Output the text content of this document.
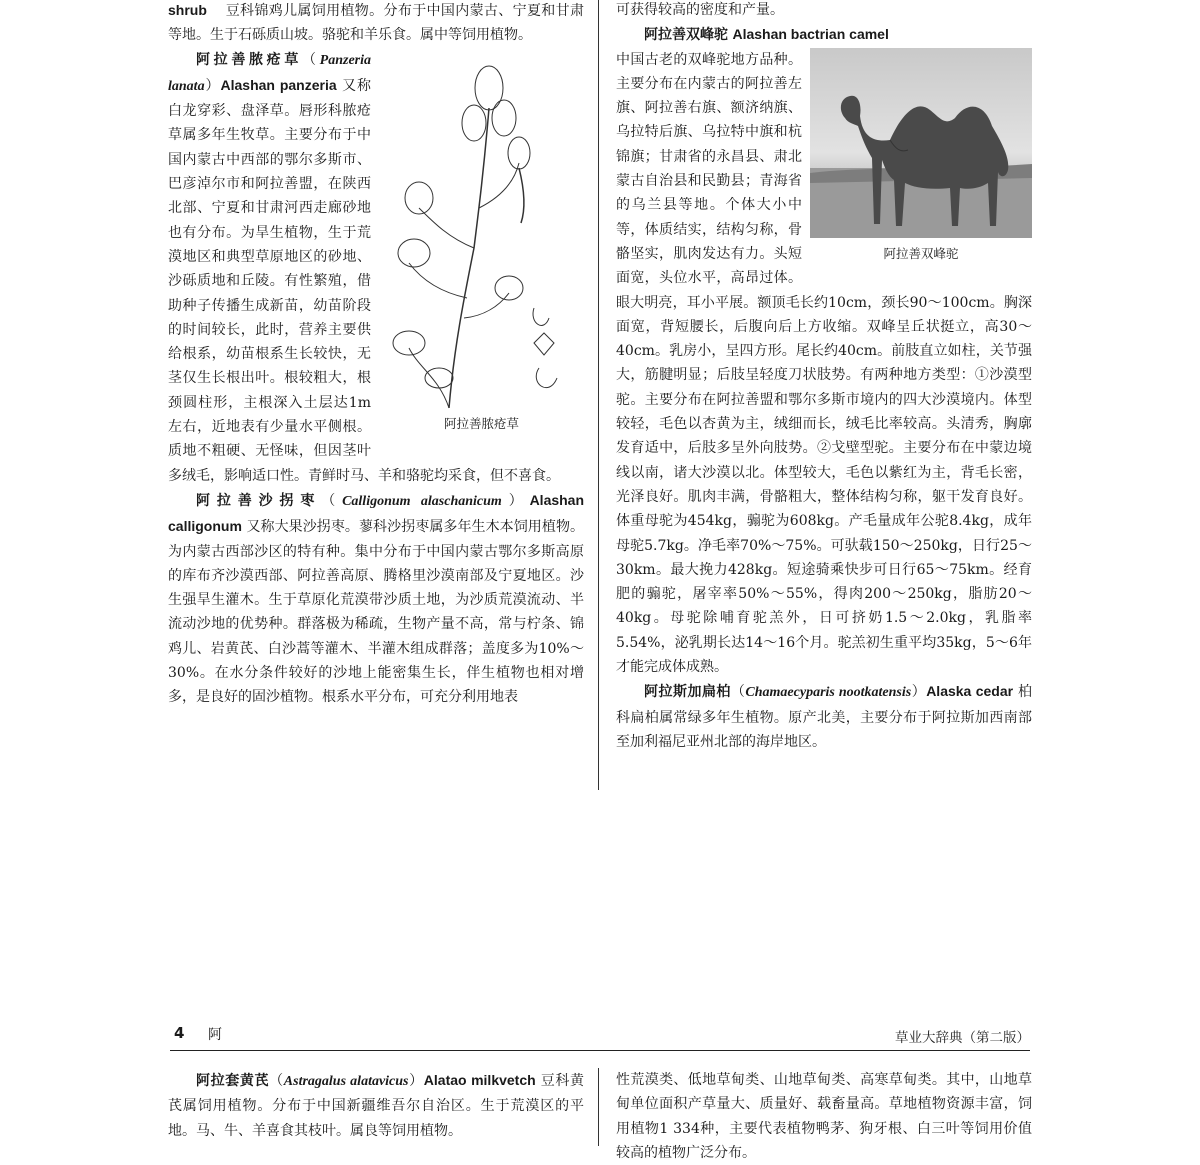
shrub 豆科锦鸡儿属饲用植物。分布于中国内蒙古、宁夏和甘肃等地。生于石砾质山坡。骆驼和羊乐食。属中等饲用植物。

阿拉善脓疮草

阿拉善脓疮草（Panzeria lanata）Alashan panzeria 又称白龙穿彩、盘泽草。唇形科脓疮草属多年生牧草。主要分布于中国内蒙古中西部的鄂尔多斯市、巴彦淖尔市和阿拉善盟，在陕西北部、宁夏和甘肃河西走廊砂地也有分布。为旱生植物，生于荒漠地区和典型草原地区的砂地、沙砾质地和丘陵。有性繁殖，借助种子传播生成新苗，幼苗阶段的时间较长，此时，营养主要供给根系，幼苗根系生长较快，无茎仅生长根出叶。根较粗大，根颈圆柱形，主根深入土层达1m左右，近地表有少量水平侧根。质地不粗硬、无怪味，但因茎叶多绒毛，影响适口性。青鲜时马、羊和骆驼均采食，但不喜食。

阿拉善沙拐枣（Calligonum alaschanicum）Alashan calligonum 又称大果沙拐枣。蓼科沙拐枣属多年生木本饲用植物。为内蒙古西部沙区的特有种。集中分布于中国内蒙古鄂尔多斯高原的库布齐沙漠西部、阿拉善高原、腾格里沙漠南部及宁夏地区。沙生强旱生灌木。生于草原化荒漠带沙质土地，为沙质荒漠流动、半流动沙地的优势种。群落极为稀疏，生物产量不高，常与柠条、锦鸡儿、岩黄芪、白沙蒿等灌木、半灌木组成群落；盖度多为10%～30%。在水分条件较好的沙地上能密集生长，伴生植物也相对增多，是良好的固沙植物。根系水平分布，可充分利用地表

可获得较高的密度和产量。

阿拉善双峰驼 Alashan bactrian camel

阿拉善双峰驼

中国古老的双峰驼地方品种。主要分布在内蒙古的阿拉善左旗、阿拉善右旗、额济纳旗、乌拉特后旗、乌拉特中旗和杭锦旗；甘肃省的永昌县、肃北蒙古自治县和民勤县；青海省的乌兰县等地。个体大小中等，体质结实，结构匀称，骨骼坚实，肌肉发达有力。头短面宽，头位水平，高昂过体。眼大明亮，耳小平展。额顶毛长约10cm，颈长90～100cm。胸深面宽，背短腰长，后腹向后上方收缩。双峰呈丘状挺立，高30～40cm。乳房小，呈四方形。尾长约40cm。前肢直立如柱，关节强大，筋腱明显；后肢呈轻度刀状肢势。有两种地方类型：①沙漠型驼。主要分布在阿拉善盟和鄂尔多斯市境内的四大沙漠境内。体型较轻，毛色以杏黄为主，绒细而长，绒毛比率较高。头清秀，胸廓发育适中，后肢多呈外向肢势。②戈壁型驼。主要分布在中蒙边境线以南，诸大沙漠以北。体型较大，毛色以紫红为主，背毛长密，光泽良好。肌肉丰满，骨骼粗大，整体结构匀称，躯干发育良好。体重母驼为454kg，骟驼为608kg。产毛量成年公驼8.4kg，成年母驼5.7kg。净毛率70%～75%。可驮载150～250kg，日行25～30km。最大挽力428kg。短途骑乘快步可日行65～75km。经育肥的骟驼，屠宰率50%～55%，得肉200～250kg，脂肪20～40kg。母驼除哺育驼羔外，日可挤奶1.5～2.0kg，乳脂率5.54%，泌乳期长达14～16个月。驼羔初生重平均35kg，5～6年才能完成体成熟。

阿拉斯加扁柏（Chamaecyparis nootkatensis）Alaska cedar 柏科扁柏属常绿多年生植物。原产北美，主要分布于阿拉斯加西南部至加利福尼亚州北部的海岸地区。

4 阿	草业大辞典（第二版）

阿拉套黄芪（Astragalus alatavicus）Alatao milkvetch 豆科黄芪属饲用植物。分布于中国新疆维吾尔自治区。生于荒漠区的平地。马、牛、羊喜食其枝叶。属良等饲用植物。

性荒漠类、低地草甸类、山地草甸类、高寒草甸类。其中，山地草甸单位面积产草量大、质量好、载畜量高。草地植物资源丰富，饲用植物1 334种，主要代表植物鸭茅、狗牙根、白三叶等饲用价值较高的植物广泛分布。
